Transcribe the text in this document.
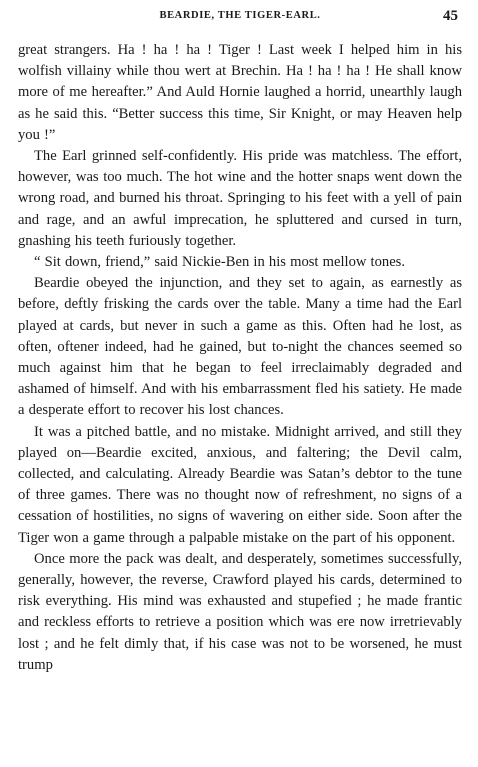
BEARDIE, THE TIGER-EARL.	45

great strangers. Ha ! ha ! ha ! Tiger ! Last week I helped him in his wolfish villainy while thou wert at Brechin. Ha ! ha ! ha ! He shall know more of me hereafter.” And Auld Hornie laughed a horrid, unearthly laugh as he said this. “Better success this time, Sir Knight, or may Heaven help you !”

The Earl grinned self-confidently. His pride was matchless. The effort, however, was too much. The hot wine and the hotter snaps went down the wrong road, and burned his throat. Springing to his feet with a yell of pain and rage, and an awful imprecation, he spluttered and cursed in turn, gnashing his teeth furiously together.

“ Sit down, friend,” said Nickie-Ben in his most mellow tones.

Beardie obeyed the injunction, and they set to again, as earnestly as before, deftly frisking the cards over the table. Many a time had the Earl played at cards, but never in such a game as this. Often had he lost, as often, oftener indeed, had he gained, but to-night the chances seemed so much against him that he began to feel irreclaimably degraded and ashamed of himself. And with his embarrassment fled his satiety. He made a desperate effort to recover his lost chances.

It was a pitched battle, and no mistake. Midnight arrived, and still they played on—Beardie excited, anxious, and faltering; the Devil calm, collected, and calculating. Already Beardie was Satan’s debtor to the tune of three games. There was no thought now of refreshment, no signs of a cessation of hostilities, no signs of wavering on either side. Soon after the Tiger won a game through a palpable mistake on the part of his opponent.

Once more the pack was dealt, and desperately, sometimes successfully, generally, however, the reverse, Crawford played his cards, determined to risk everything. His mind was exhausted and stupefied ; he made frantic and reckless efforts to retrieve a position which was ere now irretrievably lost ; and he felt dimly that, if his case was not to be worsened, he must trump
